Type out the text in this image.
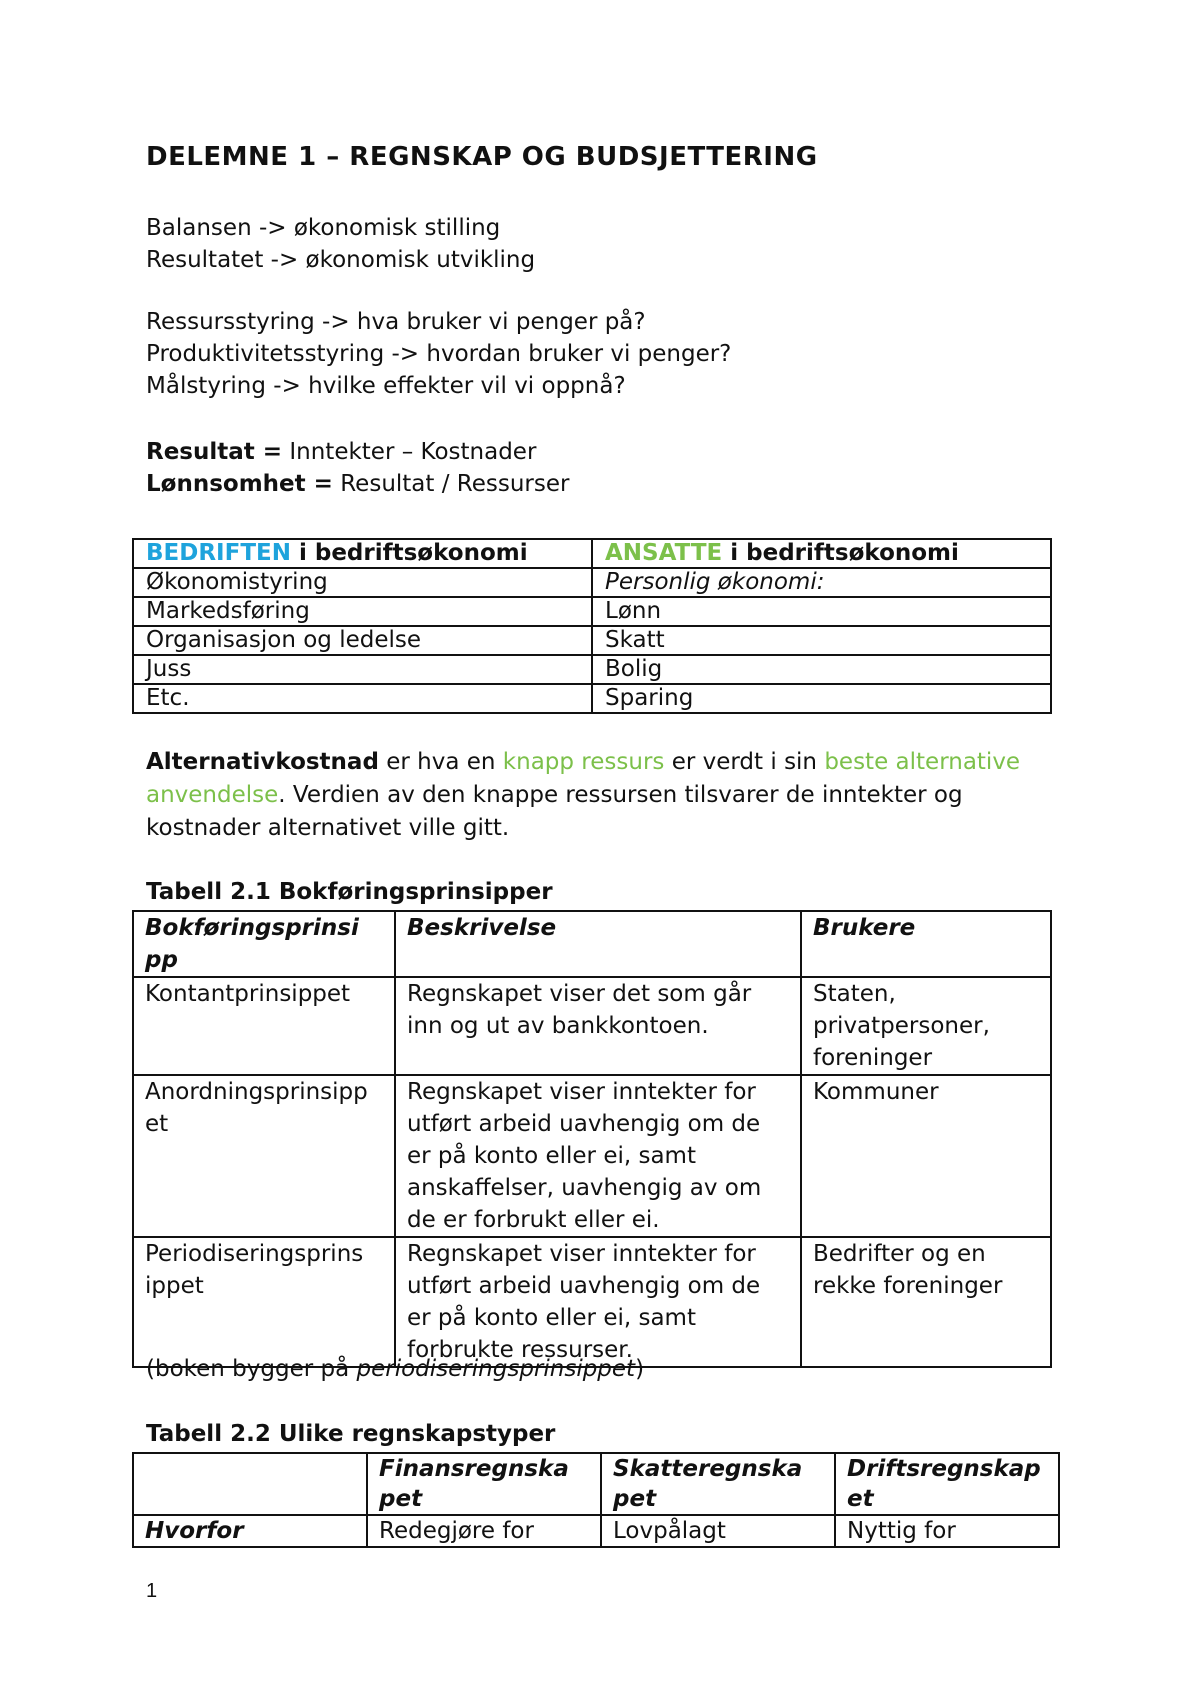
DELEMNE 1 – REGNSKAP OG BUDSJETTERING

Balansen -> økonomisk stilling

Resultatet -> økonomisk utvikling

Ressursstyring -> hva bruker vi penger på?

Produktivitetsstyring -> hvordan bruker vi penger?

Målstyring -> hvilke effekter vil vi oppnå?

Resultat = Inntekter – Kostnader

Lønnsomhet = Resultat / Ressurser

BEDRIFTEN i bedriftsøkonomi	ANSATTE i bedriftsøkonomi
Økonomistyring	Personlig økonomi:
Markedsføring	Lønn
Organisasjon og ledelse	Skatt
Juss	Bolig
Etc.	Sparing

Alternativkostnad er hva en knapp ressurs er verdt i sin beste alternative anvendelse. Verdien av den knappe ressursen tilsvarer de inntekter og kostnader alternativet ville gitt.

Tabell 2.1 Bokføringsprinsipper
Bokføringsprinsi pp	Beskrivelse	Brukere
Kontantprinsippet	Regnskapet viser det som går inn og ut av bankkontoen.	Staten, privatpersoner, foreninger
Anordningsprinsipp et	Regnskapet viser inntekter for utført arbeid uavhengig om de er på konto eller ei, samt anskaffelser, uavhengig av om de er forbrukt eller ei.	Kommuner
Periodiseringsprins ippet	Regnskapet viser inntekter for utført arbeid uavhengig om de er på konto eller ei, samt forbrukte ressurser.	Bedrifter og en rekke foreninger
(boken bygger på periodiseringsprinsippet)
Tabell 2.2 Ulike regnskapstyper
	Finansregnska pet	Skatteregnska pet	Driftsregnskap et
Hvorfor	Redegjøre for	Lovpålagt	Nyttig for
1
